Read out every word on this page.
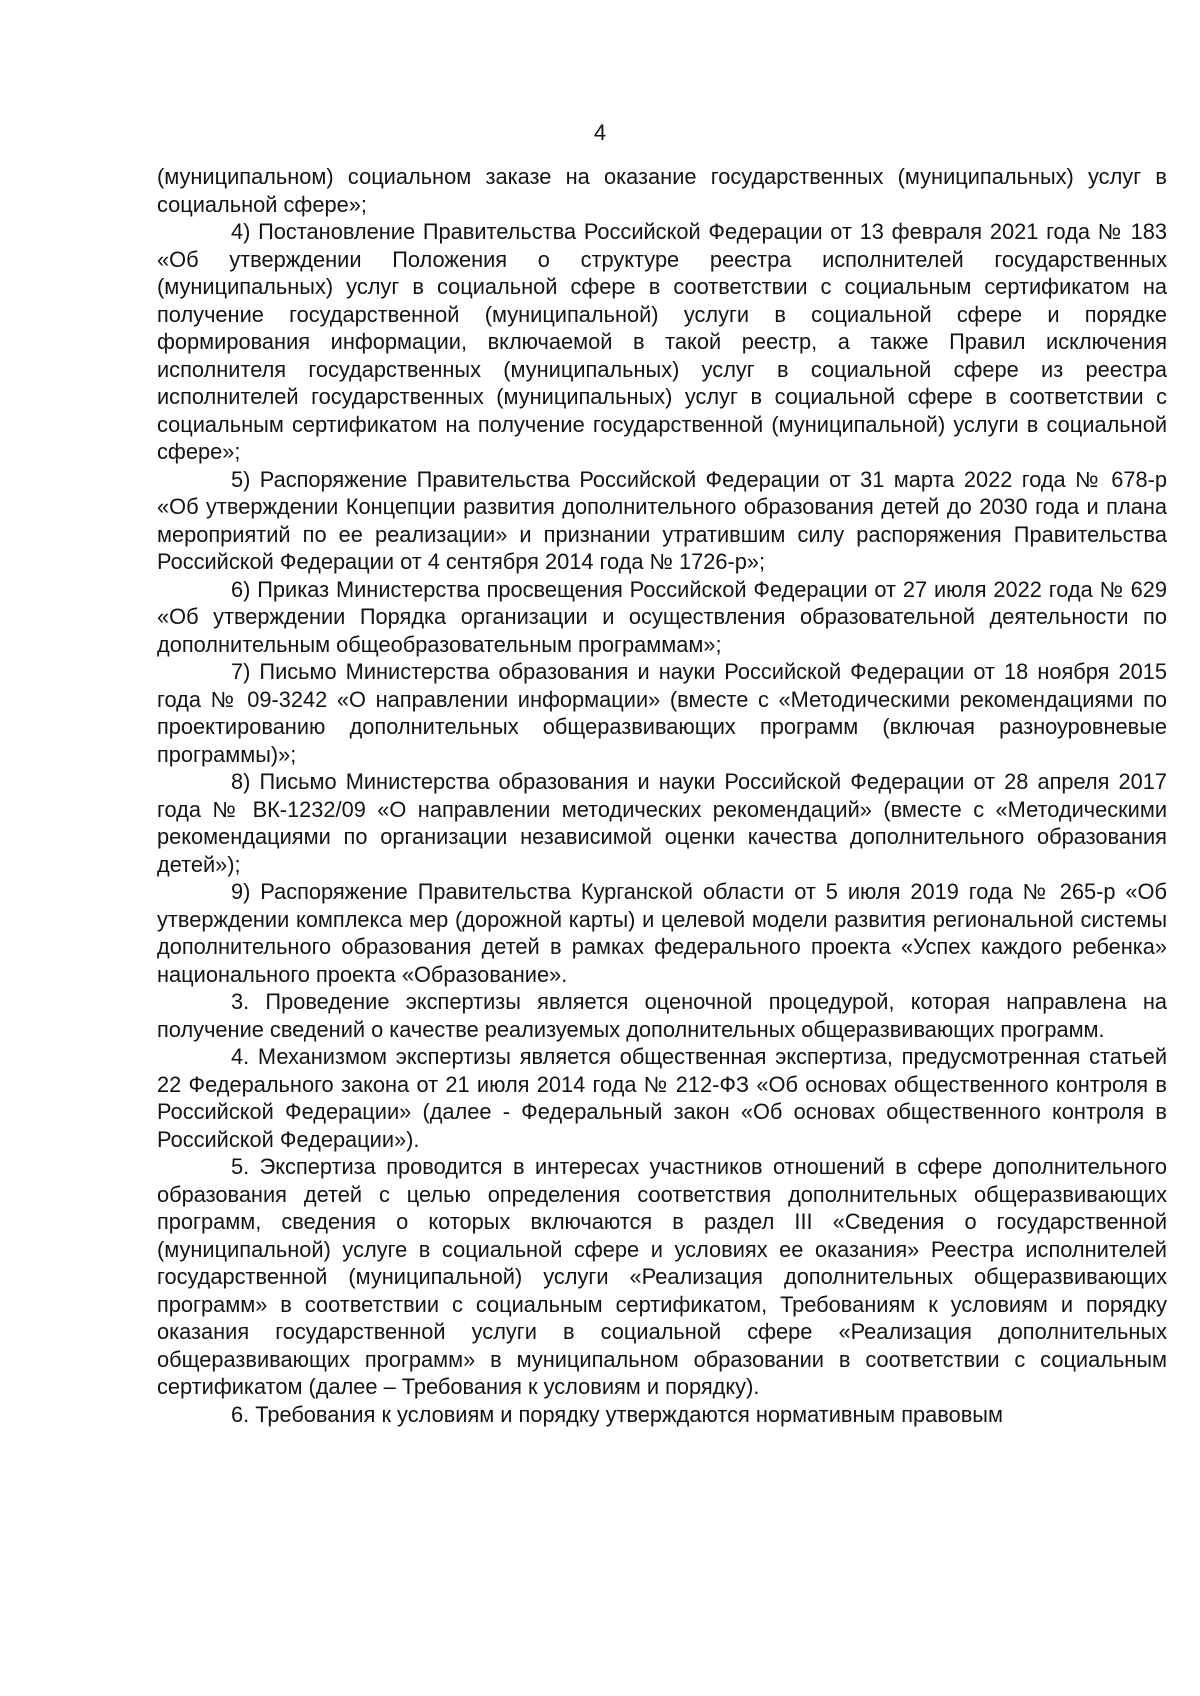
4

(муниципальном) социальном заказе на оказание государственных (муниципальных) услуг в социальной сфере»;

4) Постановление Правительства Российской Федерации от 13 февраля 2021 года № 183 «Об утверждении Положения о структуре реестра исполнителей государственных (муниципальных) услуг в социальной сфере в соответствии с социальным сертификатом на получение государственной (муниципальной) услуги в социальной сфере и порядке формирования информации, включаемой в такой реестр, а также Правил исключения исполнителя государственных (муниципальных) услуг в социальной сфере из реестра исполнителей государственных (муниципальных) услуг в социальной сфере в соответствии с социальным сертификатом на получение государственной (муниципальной) услуги в социальной сфере»;

5) Распоряжение Правительства Российской Федерации от 31 марта 2022 года № 678-р «Об утверждении Концепции развития дополнительного образования детей до 2030 года и плана мероприятий по ее реализации» и признании утратившим силу распоряжения Правительства Российской Федерации от 4 сентября 2014 года № 1726-р»;

6) Приказ Министерства просвещения Российской Федерации от 27 июля 2022 года № 629 «Об утверждении Порядка организации и осуществления образовательной деятельности по дополнительным общеобразовательным программам»;

7) Письмо Министерства образования и науки Российской Федерации от 18 ноября 2015 года № 09-3242 «О направлении информации» (вместе с «Методическими рекомендациями по проектированию дополнительных общеразвивающих программ (включая разноуровневые программы)»;

8) Письмо Министерства образования и науки Российской Федерации от 28 апреля 2017 года № ВК-1232/09 «О направлении методических рекомендаций» (вместе с «Методическими рекомендациями по организации независимой оценки качества дополнительного образования детей»);

9) Распоряжение Правительства Курганской области от 5 июля 2019 года № 265-р «Об утверждении комплекса мер (дорожной карты) и целевой модели развития региональной системы дополнительного образования детей в рамках федерального проекта «Успех каждого ребенка» национального проекта «Образование».

3. Проведение экспертизы является оценочной процедурой, которая направлена на получение сведений о качестве реализуемых дополнительных общеразвивающих программ.

4. Механизмом экспертизы является общественная экспертиза, предусмотренная статьей 22 Федерального закона от 21 июля 2014 года № 212-ФЗ «Об основах общественного контроля в Российской Федерации» (далее - Федеральный закон «Об основах общественного контроля в Российской Федерации»).

5. Экспертиза проводится в интересах участников отношений в сфере дополнительного образования детей с целью определения соответствия дополнительных общеразвивающих программ, сведения о которых включаются в раздел III «Сведения о государственной (муниципальной) услуге в социальной сфере и условиях ее оказания» Реестра исполнителей государственной (муниципальной) услуги «Реализация дополнительных общеразвивающих программ» в соответствии с социальным сертификатом, Требованиям к условиям и порядку оказания государственной услуги в социальной сфере «Реализация дополнительных общеразвивающих программ» в муниципальном образовании в соответствии с социальным сертификатом (далее – Требования к условиям и порядку).

6. Требования к условиям и порядку утверждаются нормативным правовым
